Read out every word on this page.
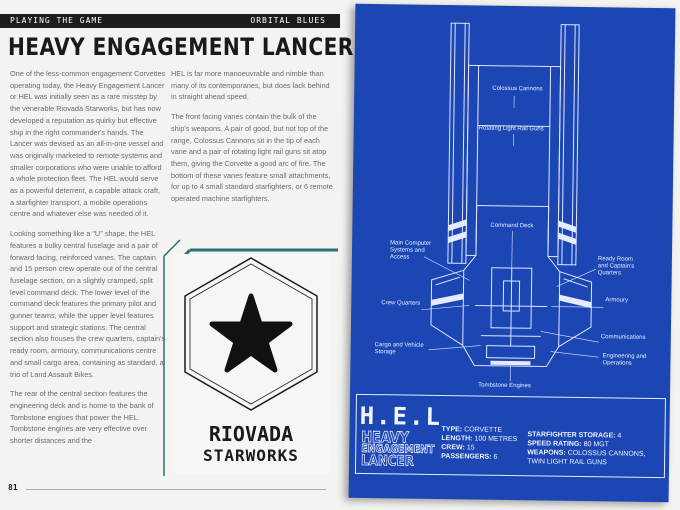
PLAYING THE GAME	ORBITAL BLUES
HEAVY ENGAGEMENT LANCER

One of the less-common engagement Corvettes operating today, the Heavy Engagement Lancer or HEL was initially seen as a rare misstep by the venerable Riovada Starworks, but has now developed a reputation as quirky but effective ship in the right commander's hands. The Lancer was devised as an all-in-one vessel and was originally marketed to remote systems and smaller corporations who were unable to afford a whole protection fleet. The HEL would serve as a powerful deterrent, a capable attack craft, a starfighter transport, a mobile operations centre and whatever else was needed of it.

Looking something like a "U" shape, the HEL features a bulky central fuselage and a pair of forward facing, reinforced vanes. The captain and 15 person crew operate out of the central fuselage section, on a slightly cramped, split level command deck. The lower level of the command deck features the primary pilot and gunner teams, while the upper level features support and strategic stations. The central section also houses the crew quarters, captain's ready room, armoury, communications centre and small cargo area, containing as standard, a trio of Land Assault Bikes.

The rear of the central section features the engineering deck and is home to the bank of Tombstone engines that power the HEL. Tombstone engines are very effective over shorter distances and the

HEL is far more manoeuvrable and nimble than many of its contemporaries, but does lack behind in straight ahead speed.

The front facing vanes contain the bulk of the ship's weapons. A pair of good, but not top of the range, Colossus Cannons sit in the tip of each vane and a pair of rotating light rail guns sit atop them, giving the Corvette a good arc of fire. The bottom of these vanes feature small attachments, for up to 4 small standard starfighters, or 6 remote operated machine starfighters.

RIOVADA
STARWORKS
81
Colossus Cannons
Rotating Light Rail Guns
Command Deck
Main Computer
Systems and
Access	Ready Room
and Captain's
Quarters
Crew Quarters	Armoury
Communications
Cargo and Vehicle
Storage
Engineering and
Operations
Tombstone Engines
H.E.L
HEAVY
ENGAGEMENT
LANCER
TYPE: CORVETTE
LENGTH: 100 METRES
CREW: 15
PASSENGERS: 6
STARFIGHTER STORAGE: 4
SPEED RATING: 80 MGT
WEAPONS: COLOSSUS CANNONS,
TWIN LIGHT RAIL GUNS
